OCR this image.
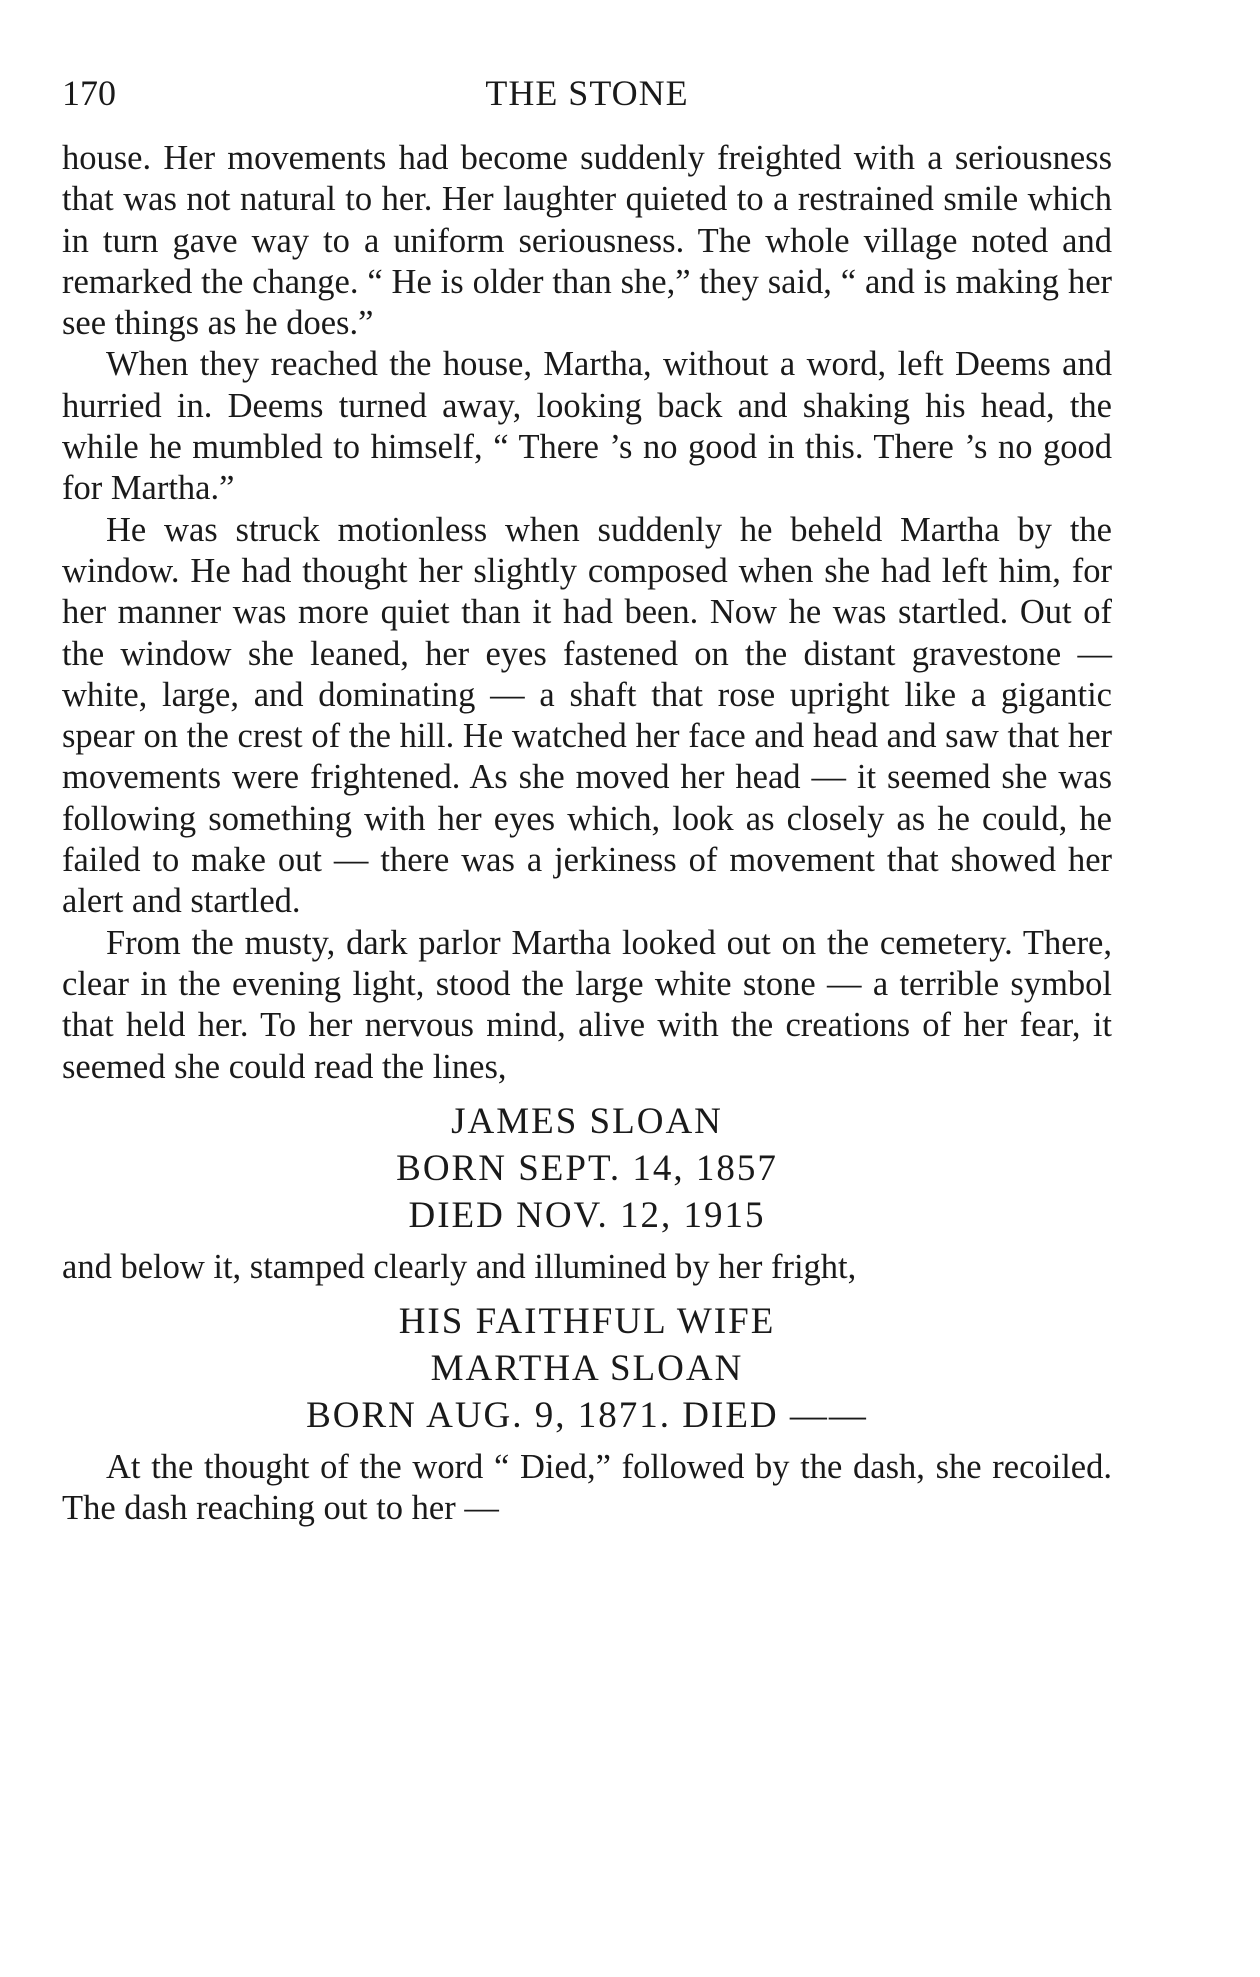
170	THE STONE

house. Her movements had become suddenly freighted with a seriousness that was not natural to her. Her laughter quieted to a restrained smile which in turn gave way to a uniform seriousness. The whole village noted and remarked the change. “ He is older than she,” they said, “ and is making her see things as he does.”

When they reached the house, Martha, without a word, left Deems and hurried in. Deems turned away, looking back and shaking his head, the while he mumbled to himself, “ There ’s no good in this. There ’s no good for Martha.”

He was struck motionless when suddenly he beheld Martha by the window. He had thought her slightly composed when she had left him, for her manner was more quiet than it had been. Now he was startled. Out of the window she leaned, her eyes fastened on the distant gravestone — white, large, and dominating — a shaft that rose upright like a gigantic spear on the crest of the hill. He watched her face and head and saw that her movements were frightened. As she moved her head — it seemed she was following something with her eyes which, look as closely as he could, he failed to make out — there was a jerkiness of movement that showed her alert and startled.

From the musty, dark parlor Martha looked out on the cemetery. There, clear in the evening light, stood the large white stone — a terrible symbol that held her. To her nervous mind, alive with the creations of her fear, it seemed she could read the lines,

JAMES SLOAN
BORN SEPT. 14, 1857
DIED NOV. 12, 1915

and below it, stamped clearly and illumined by her fright,

HIS FAITHFUL WIFE
MARTHA SLOAN
BORN AUG. 9, 1871. DIED ——

At the thought of the word “ Died,” followed by the dash, she recoiled. The dash reaching out to her —
